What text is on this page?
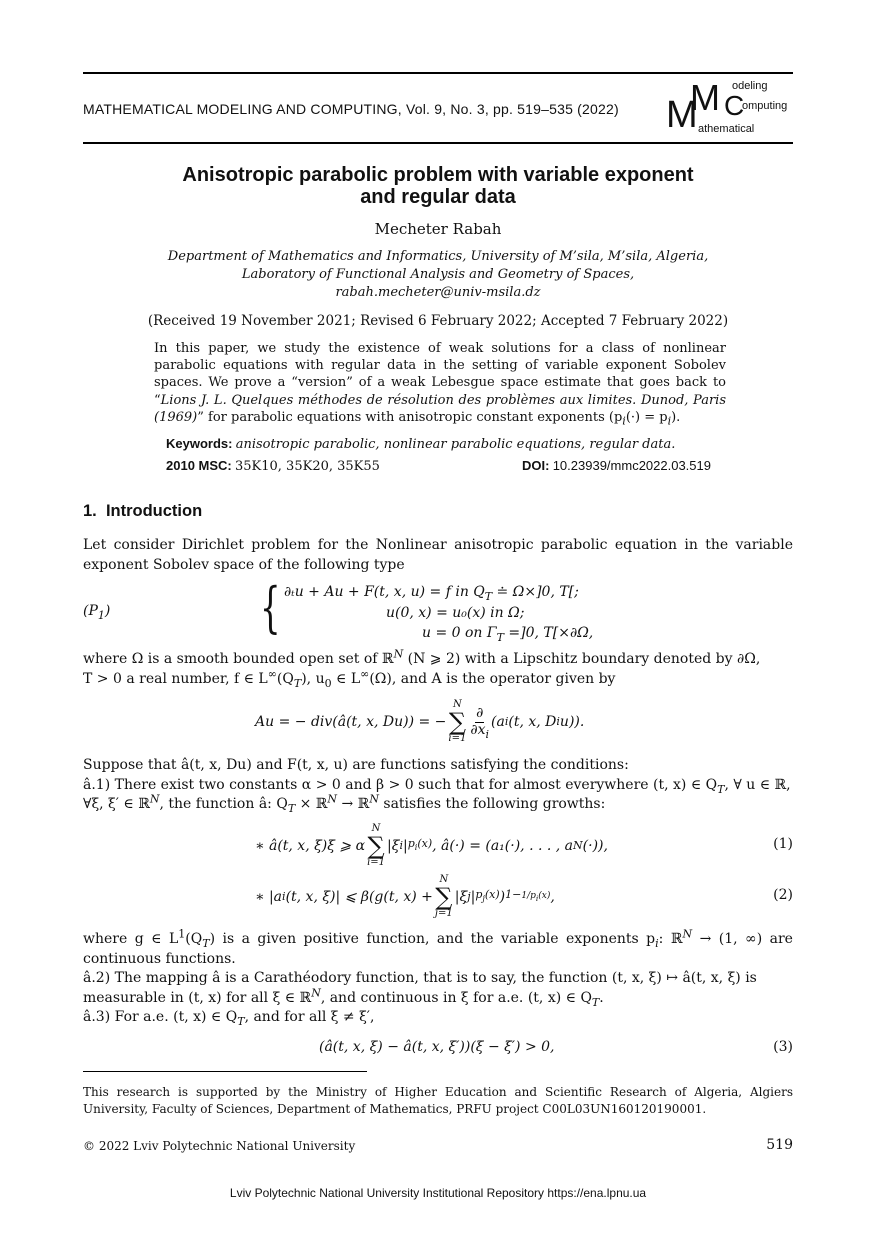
MATHEMATICAL MODELING AND COMPUTING, Vol. 9, No. 3, pp. 519–535 (2022) M
M C
odeling
omputing
athematical
Anisotropic parabolic problem with variable exponent
and regular data
Mecheter Rabah
Department of Mathematics and Informatics, University of M’sila, M’sila, Algeria,
Laboratory of Functional Analysis and Geometry of Spaces,
rabah.mecheter@univ-msila.dz
(Received 19 November 2021; Revised 6 February 2022; Accepted 7 February 2022)
In this paper, we study the existence of weak solutions for a class of nonlinear parabolic equations with regular data in the setting of variable exponent Sobolev spaces. We prove a “version” of a weak Lebesgue space estimate that goes back to “Lions J. L. Quelques méthodes de résolution des problèmes aux limites. Dunod, Paris (1969)” for parabolic equations with anisotropic constant exponents $(p_i(\cdot) = p_i)$.
Keywords: anisotropic parabolic, nonlinear parabolic equations, regular data.
2010 MSC: 35K10, 35K20, 35K55	DOI: 10.23939/mmc2022.03.519
1. Introduction
Let consider Dirichlet problem for the Nonlinear anisotropic parabolic equation in the variable exponent Sobolev space of the following type
$(P_1)$	{ ∂ₜu + Au + F(t, x, u) = f in $Q_T$ ≐ Ω×]0, T[;
u(0, x) = u₀(x) in Ω;
u = 0 on $\Gamma_T =]0$, T[×∂Ω,
where Ω is a smooth bounded open set of ℝ$^N$ (N ⩾ 2) with a Lipschitz boundary denoted by ∂Ω,
T > 0 a real number, f ∈ $L^\infty(Q_T)$, $u_0$ ∈ L∞(Ω), and A is the operator given by
Au = − div(â(t, x, Du)) = −
N
∑
i=1
$\frac{\partial}{\partial x_i} (a$ i (t, x, D i u)).
Suppose that â(t, x, Du) and F(t, x, u) are functions satisfying the conditions:
â.1) There exist two constants α > 0 and β > 0 such that for almost everywhere (t, x) ∈ $Q_T$, ∀ u ∈ ℝ,
∀ξ, ξ′ ∈ ℝ$^N$, the function â: $Q_T$ × ℝ$^N$ → ℝ$^N$ satisfies the following growths:
∗ â(t, x, ξ)ξ ⩾ α
N
∑
i=1
|ξ i | $p_i(x)$ , â(·) = (a₁(·), . . . , a N (·)),	(1)
∗ |a i (t, x, ξ)| ⩽ β(g(t, x) +
N
∑
j=1
|ξ j | $p_j(x)$ ) $1-1/p_i(x)$ ,	(2)
where g ∈ $L^1(Q_T)$ is a given positive function, and the variable exponents $p_i$: ℝ$^N$ → (1, ∞) are continuous functions.
â.2) The mapping â is a Carathéodory function, that is to say, the function (t, x, ξ) ↦ â(t, x, ξ) is
measurable in (t, x) for all ξ ∈ ℝ$^N$, and continuous in ξ for a.e. (t, x) ∈ $Q_T$.
â.3) For a.e. (t, x) ∈ $Q_T$, and for all ξ ≠ ξ′,
(â(t, x, ξ) − â(t, x, ξ′))(ξ − ξ′) > 0,	(3)
This research is supported by the Ministry of Higher Education and Scientific Research of Algeria, Algiers University, Faculty of Sciences, Department of Mathematics, PRFU project C00L03UN160120190001.
© 2022 Lviv Polytechnic National University	519
Lviv Polytechnic National University Institutional Repository https://ena.lpnu.ua
